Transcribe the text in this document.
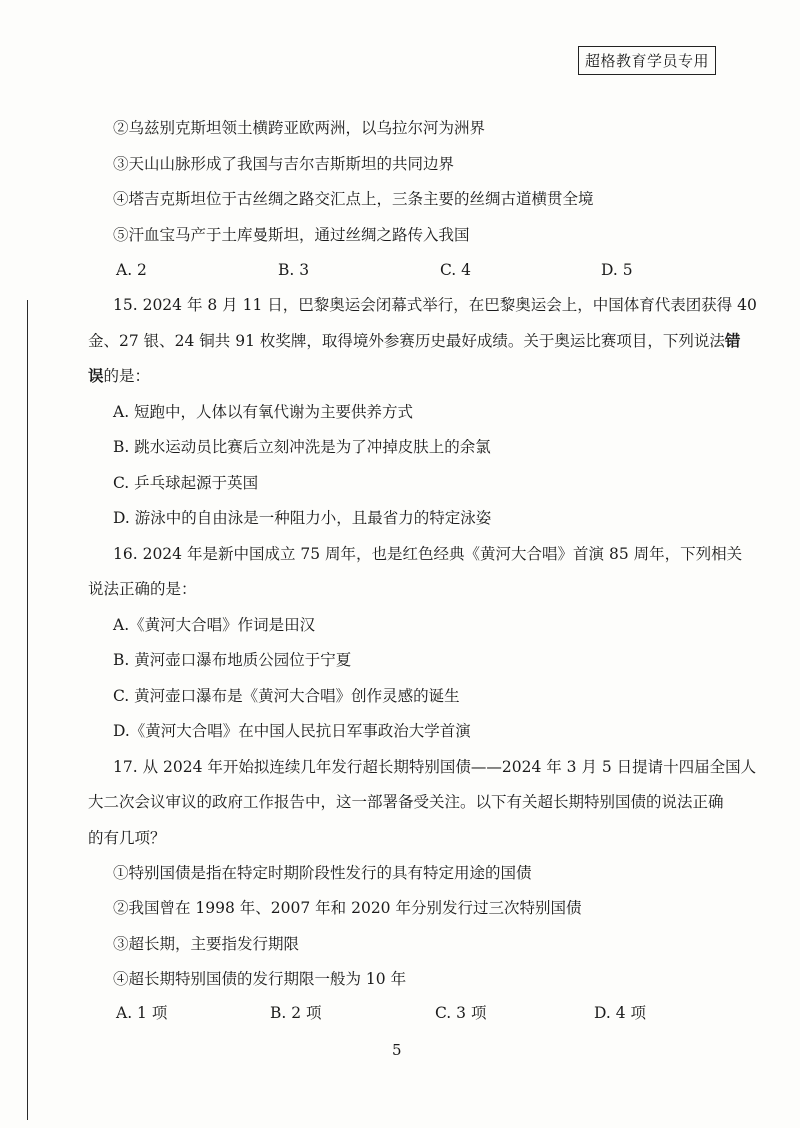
超格教育学员专用
②乌兹别克斯坦领土横跨亚欧两洲，以乌拉尔河为洲界
③天山山脉形成了我国与吉尔吉斯斯坦的共同边界
④塔吉克斯坦位于古丝绸之路交汇点上，三条主要的丝绸古道横贯全境
⑤汗血宝马产于土库曼斯坦，通过丝绸之路传入我国
A. 2	B. 3	C. 4	D. 5
15. 2024 年 8 月 11 日，巴黎奥运会闭幕式举行，在巴黎奥运会上，中国体育代表团获得 40
金、27 银、24 铜共 91 枚奖牌，取得境外参赛历史最好成绩。关于奥运比赛项目，下列说法错
误的是：
A. 短跑中，人体以有氧代谢为主要供养方式
B. 跳水运动员比赛后立刻冲洗是为了冲掉皮肤上的余氯
C. 乒乓球起源于英国
D. 游泳中的自由泳是一种阻力小，且最省力的特定泳姿
16. 2024 年是新中国成立 75 周年，也是红色经典《黄河大合唱》首演 85 周年，下列相关
说法正确的是：
A.《黄河大合唱》作词是田汉
B. 黄河壶口瀑布地质公园位于宁夏
C. 黄河壶口瀑布是《黄河大合唱》创作灵感的诞生
D.《黄河大合唱》在中国人民抗日军事政治大学首演
17. 从 2024 年开始拟连续几年发行超长期特别国债——2024 年 3 月 5 日提请十四届全国人
大二次会议审议的政府工作报告中，这一部署备受关注。以下有关超长期特别国债的说法正确
的有几项？
①特别国债是指在特定时期阶段性发行的具有特定用途的国债
②我国曾在 1998 年、2007 年和 2020 年分别发行过三次特别国债
③超长期，主要指发行期限
④超长期特别国债的发行期限一般为 10 年
A. 1 项	B. 2 项	C. 3 项	D. 4 项
5
